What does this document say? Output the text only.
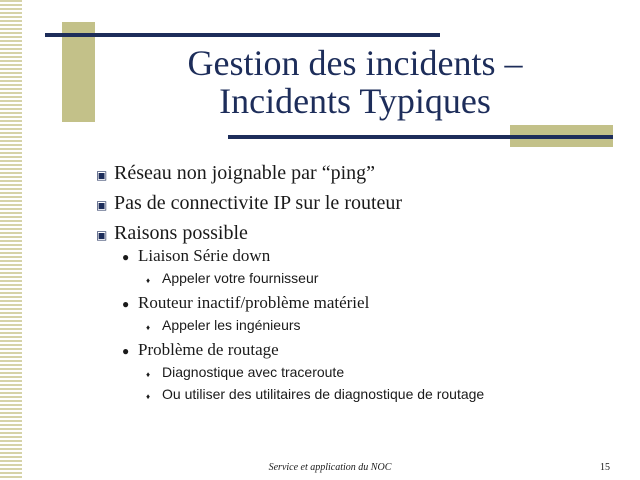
Gestion des incidents –
Incidents Typiques
▣ Réseau non joignable par “ping”
▣ Pas de connectivite IP sur le routeur
▣ Raisons possible
● Liaison Série down
♦ Appeler votre fournisseur
● Routeur inactif/problème matériel
♦ Appeler les ingénieurs
● Problème de routage
♦ Diagnostique avec traceroute
♦ Ou utiliser des utilitaires de diagnostique de routage
Service et application du NOC	15
